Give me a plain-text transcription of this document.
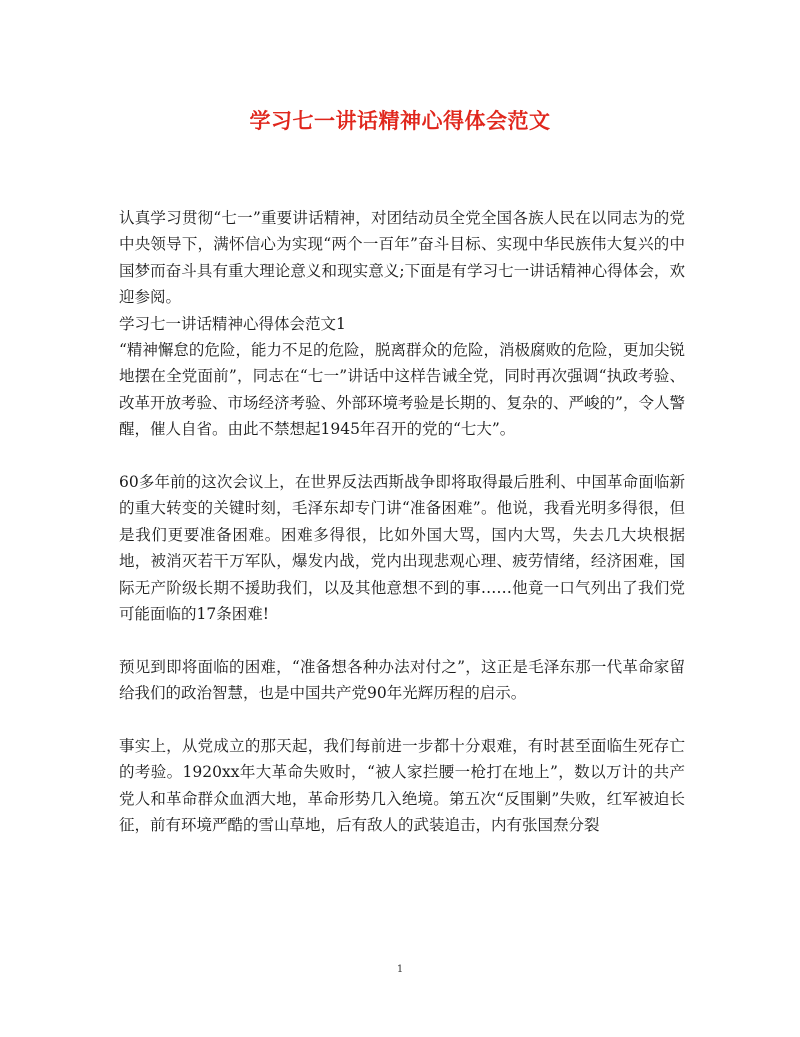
学习七一讲话精神心得体会范文

认真学习贯彻“七一”重要讲话精神，对团结动员全党全国各族人民在以同志为的党中央领导下，满怀信心为实现“两个一百年”奋斗目标、实现中华民族伟大复兴的中国梦而奋斗具有重大理论意义和现实意义;下面是有学习七一讲话精神心得体会，欢迎参阅。

学习七一讲话精神心得体会范文1

“精神懈怠的危险，能力不足的危险，脱离群众的危险，消极腐败的危险，更加尖锐地摆在全党面前”，同志在“七一”讲话中这样告诫全党，同时再次强调“执政考验、改革开放考验、市场经济考验、外部环境考验是长期的、复杂的、严峻的”，令人警醒，催人自省。由此不禁想起1945年召开的党的“七大”。

60多年前的这次会议上，在世界反法西斯战争即将取得最后胜利、中国革命面临新的重大转变的关键时刻，毛泽东却专门讲“准备困难”。他说，我看光明多得很，但是我们更要准备困难。困难多得很，比如外国大骂，国内大骂，失去几大块根据地，被消灭若干万军队，爆发内战，党内出现悲观心理、疲劳情绪，经济困难，国际无产阶级长期不援助我们，以及其他意想不到的事……他竟一口气列出了我们党可能面临的17条困难!

预见到即将面临的困难，“准备想各种办法对付之”，这正是毛泽东那一代革命家留给我们的政治智慧，也是中国共产党90年光辉历程的启示。

事实上，从党成立的那天起，我们每前进一步都十分艰难，有时甚至面临生死存亡的考验。1920xx年大革命失败时，“被人家拦腰一枪打在地上”，数以万计的共产党人和革命群众血洒大地，革命形势几入绝境。第五次“反围剿”失败，红军被迫长征，前有环境严酷的雪山草地，后有敌人的武装追击，内有张国焘分裂

1
